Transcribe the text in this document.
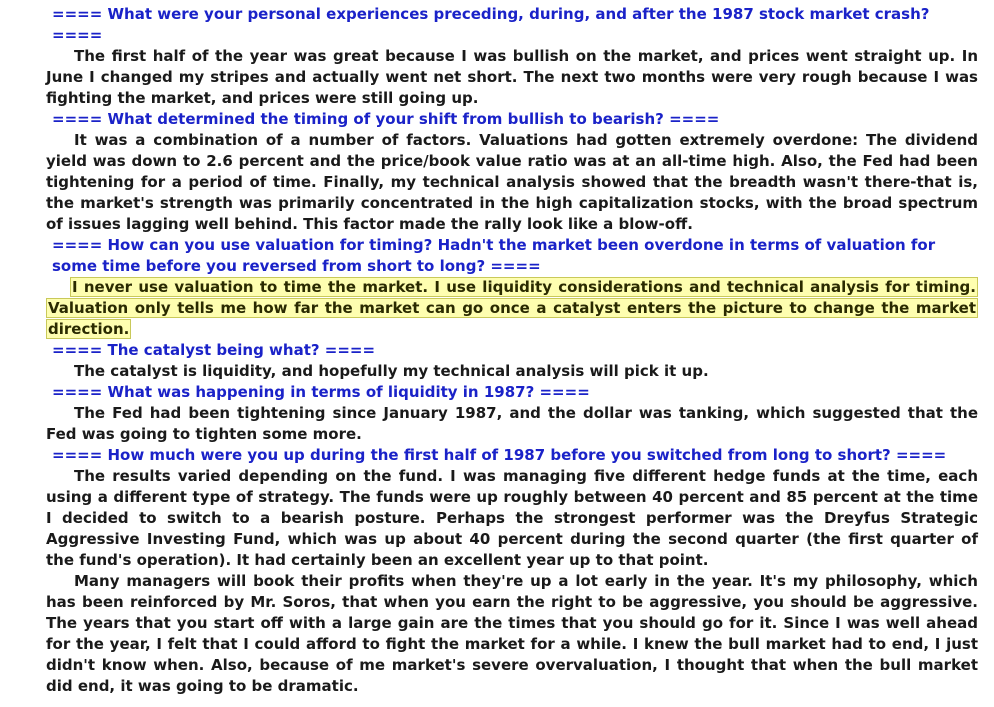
==== What were your personal experiences preceding, during, and after the 1987 stock market crash? ====

The first half of the year was great because I was bullish on the market, and prices went straight up. In June I changed my stripes and actually went net short. The next two months were very rough because I was fighting the market, and prices were still going up.

==== What determined the timing of your shift from bullish to bearish? ====

It was a combination of a number of factors. Valuations had gotten extremely overdone: The dividend yield was down to 2.6 percent and the price/book value ratio was at an all-time high. Also, the Fed had been tightening for a period of time. Finally, my technical analysis showed that the breadth wasn't there-that is, the market's strength was primarily concentrated in the high capitalization stocks, with the broad spectrum of issues lagging well behind. This factor made the rally look like a blow-off.

==== How can you use valuation for timing? Hadn't the market been overdone in terms of valuation for some time before you reversed from short to long? ====

I never use valuation to time the market. I use liquidity considerations and technical analysis for timing. Valuation only tells me how far the market can go once a catalyst enters the picture to change the market direction.

==== The catalyst being what? ====

The catalyst is liquidity, and hopefully my technical analysis will pick it up.

==== What was happening in terms of liquidity in 1987? ====

The Fed had been tightening since January 1987, and the dollar was tanking, which suggested that the Fed was going to tighten some more.

==== How much were you up during the first half of 1987 before you switched from long to short? ====

The results varied depending on the fund. I was managing five different hedge funds at the time, each using a different type of strategy. The funds were up roughly between 40 percent and 85 percent at the time I decided to switch to a bearish posture. Perhaps the strongest performer was the Dreyfus Strategic Aggressive Investing Fund, which was up about 40 percent during the second quarter (the first quarter of the fund's operation). It had certainly been an excellent year up to that point.

Many managers will book their profits when they're up a lot early in the year. It's my philosophy, which has been reinforced by Mr. Soros, that when you earn the right to be aggressive, you should be aggressive. The years that you start off with a large gain are the times that you should go for it. Since I was well ahead for the year, I felt that I could afford to fight the market for a while. I knew the bull market had to end, I just didn't know when. Also, because of me market's severe overvaluation, I thought that when the bull market did end, it was going to be dramatic.
